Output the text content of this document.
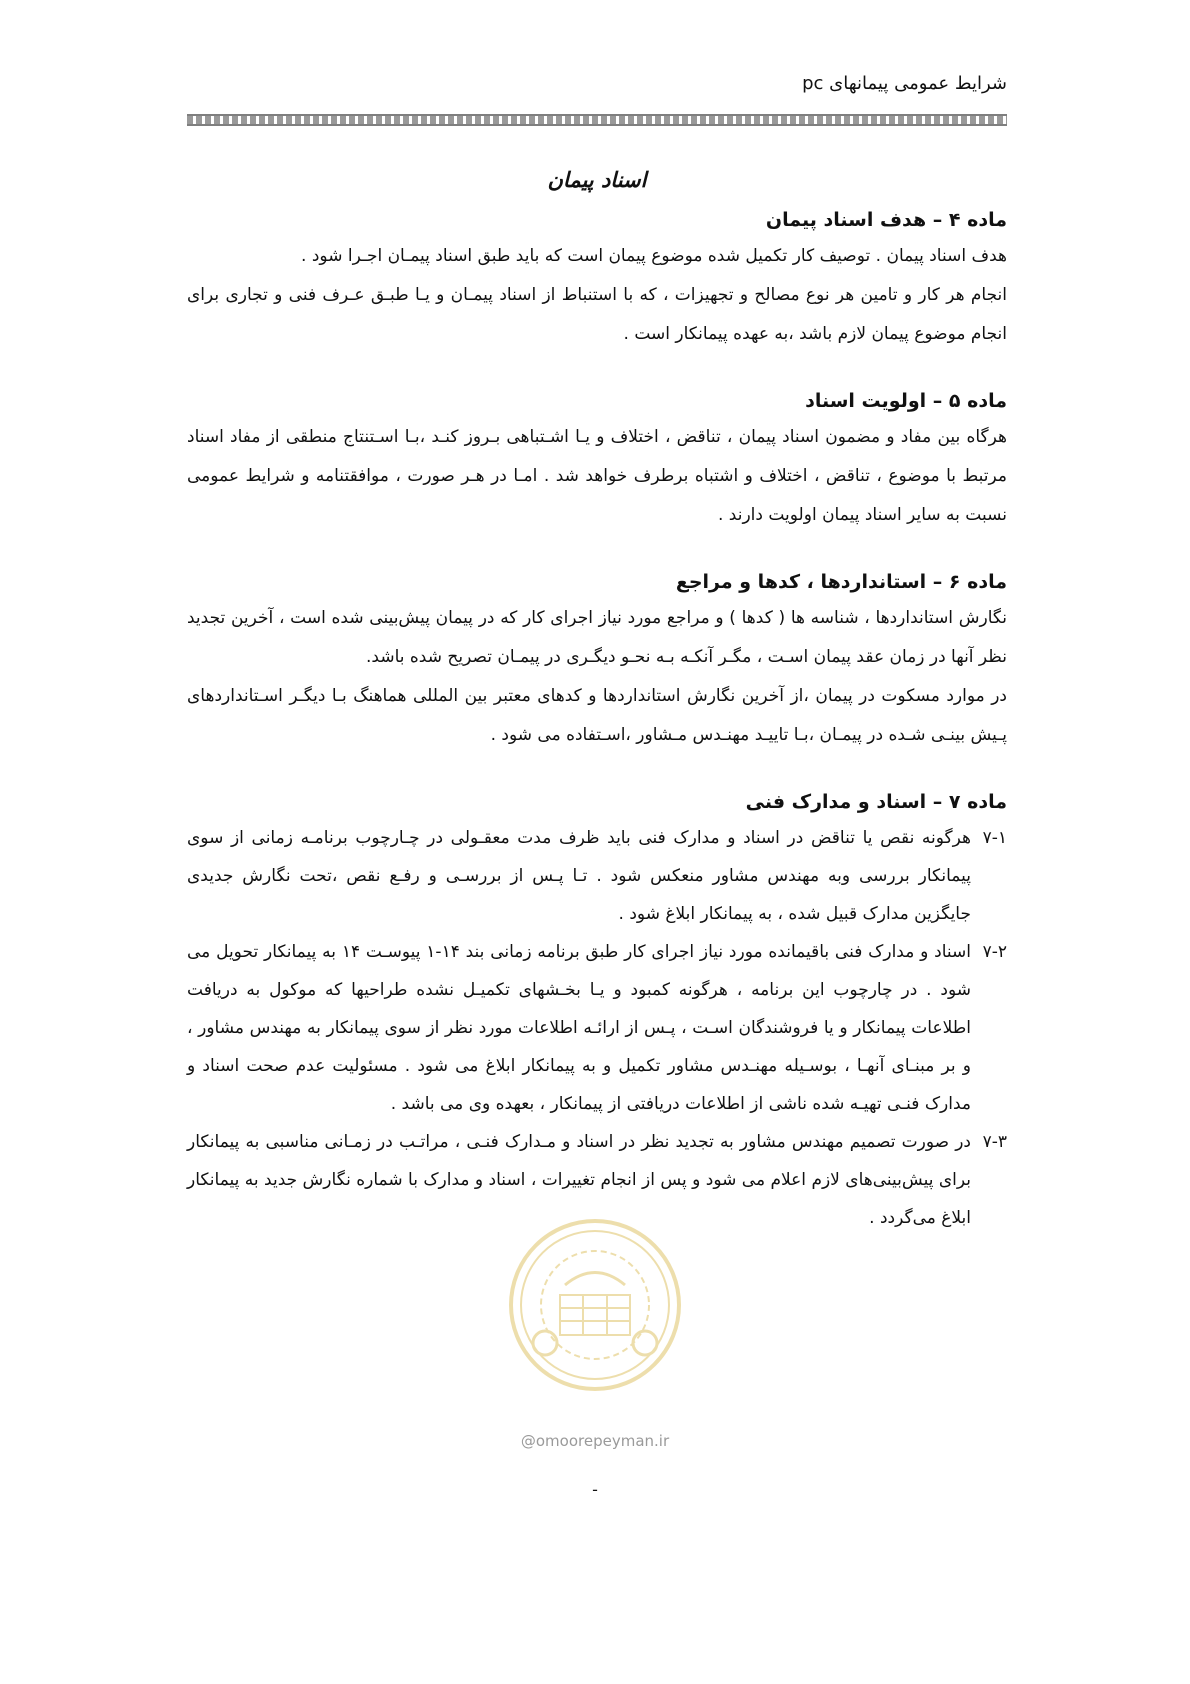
شرایط عمومی پیمانهای pc
اسناد پیمان
ماده ۴ – هدف اسناد پیمان

هدف اسناد پیمان . توصیف کار تکمیل شده موضوع پیمان است که باید طبق اسناد پیمـان اجـرا شود .

انجام هر کار و تامین هر نوع مصالح و تجهیزات ، که با استنباط از اسناد پیمـان و یـا طبـق عـرف فنی و تجاری برای انجام موضوع پیمان لازم باشد ،به عهده پیمانکار است .

ماده ۵ – اولویت اسناد

هرگاه بین مفاد و مضمون اسناد پیمان ، تناقض ، اختلاف و یـا اشـتباهی بـروز کنـد ،بـا اسـتنتاج منطقی از مفاد اسناد مرتبط با موضوع ، تناقض ، اختلاف و اشتباه برطرف خواهد شد . امـا در هـر صورت ، موافقتنامه و شرایط عمومی نسبت به سایر اسناد پیمان اولویت دارند .

ماده ۶ – استانداردها ، کدها و مراجع

نگارش استانداردها ، شناسه ها ( کدها ) و مراجع مورد نیاز اجرای کار که در پیمان پیش‌بینی شده است ، آخرین تجدید نظر آنها در زمان عقد پیمان اسـت ، مگـر آنکـه بـه نحـو دیگـری در پیمـان تصریح شده باشد.

در موارد مسکوت در پیمان ،از آخرین نگارش استانداردها و کدهای معتبر بین المللی هماهنگ بـا دیگـر اسـتانداردهای پـیش بینـی شـده در پیمـان ،بـا تاییـد مهنـدس مـشاور ،اسـتفاده می شود .

ماده ۷ – اسناد و مدارک فنی
۷-۱
هرگونه نقص یا تناقض در اسناد و مدارک فنی باید ظرف مدت معقـولی در چـارچوب برنامـه زمانی از سوی پیمانکار بررسی وبه مهندس مشاور منعکس شود . تـا پـس از بررسـی و رفـع نقص ،تحت نگارش جدیدی جایگزین مدارک قبیل شده ، به پیمانکار ابلاغ شود .
۷-۲
اسناد و مدارک فنی باقیمانده مورد نیاز اجرای کار طبق برنامه زمانی بند ۱۴-۱ پیوسـت ۱۴ به پیمانکار تحویل می شود . در چارچوب این برنامه ، هرگونه کمبود و یـا بخـشهای تکمیـل نشده طراحیها که موکول به دریافت اطلاعات پیمانکار و یا فروشندگان اسـت ، پـس از ارائـه اطلاعات مورد نظر از سوی پیمانکار به مهندس مشاور ، و بر مبنـای آنهـا ، بوسـیله مهنـدس مشاور تکمیل و به پیمانکار ابلاغ می شود . مسئولیت عدم صحت اسناد و مدارک فنـی تهیـه شده ناشی از اطلاعات دریافتی از پیمانکار ، بعهده وی می باشد .
۷-۳
در صورت تصمیم مهندس مشاور به تجدید نظر در اسناد و مـدارک فنـی ، مراتـب در زمـانی مناسبی به پیمانکار برای پیش‌بینی‌های لازم اعلام می شود و پس از انجام تغییرات ، اسناد و مدارک با شماره نگارش جدید به پیمانکار ابلاغ می‌گردد .
@omoorepeyman.ir
-
